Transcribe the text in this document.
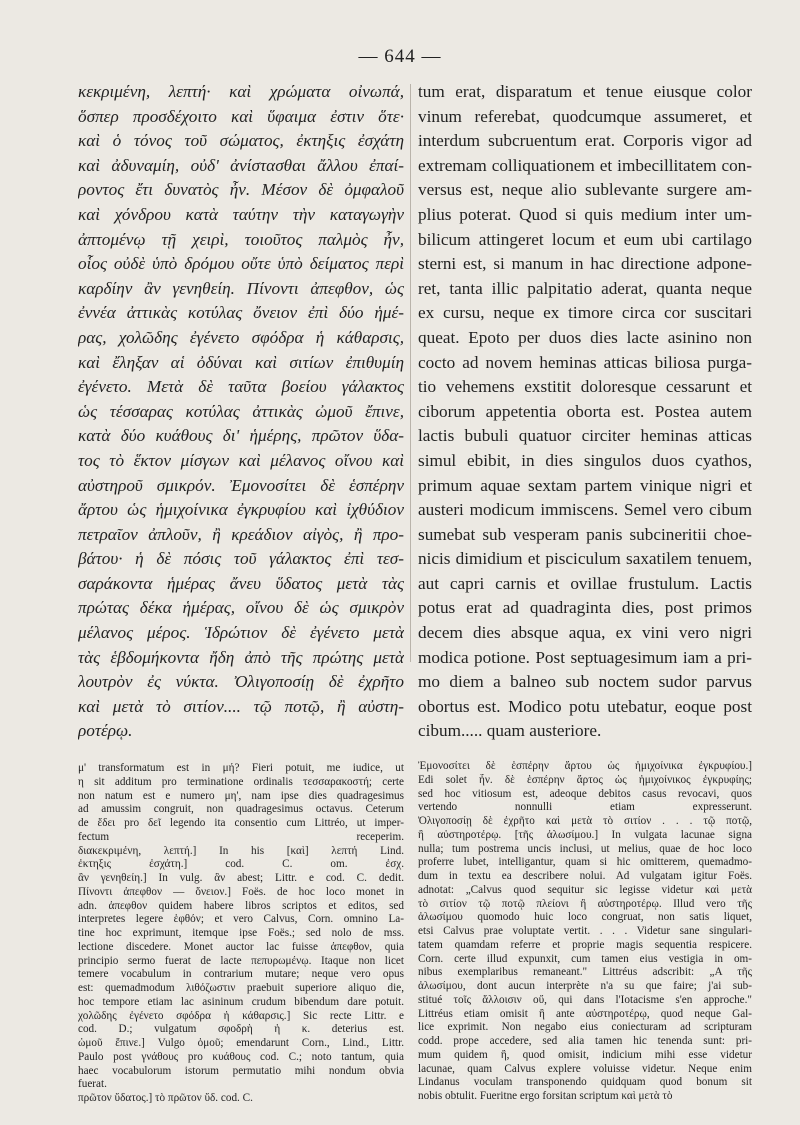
— 644 —
κεκριμένη, λεπτή· καὶ χρώματα οἰνωπά,
ὅσπερ προσδέχοιτο καὶ ὕφαιμα ἐστιν ὅτε·
καὶ ὁ τόνος τοῦ σώματος, ἐκτηξις ἐσχάτη
καὶ ἀδυναμίη, οὐδ' ἀνίστασθαι ἄλλου ἐπαί-
ροντος ἔτι δυνατὸς ἦν. Μέσον δὲ ὀμφαλοῦ
καὶ χόνδρου κατὰ ταύτην τὴν καταγωγὴν
ἀπτομένῳ τῇ χειρὶ, τοιοῦτος παλμὸς ἦν,
οἷος οὐδὲ ὑπὸ δρόμου οὔτε ὑπὸ δείματος περὶ
καρδίην ἂν γενηθείη. Πίνοντι ἀπεφθον, ὡς
ἐννέα ἀττικὰς κοτύλας ὄνειον ἐπὶ δύο ἡμέ-
ρας, χολῶδης ἐγένετο σφόδρα ἡ κάθαρσις,
καὶ ἔληξαν αἱ ὀδύναι καὶ σιτίων ἐπιθυμίη
ἐγένετο. Μετὰ δὲ ταῦτα βοείου γάλακτος
ὡς τέσσαρας κοτύλας ἀττικὰς ὠμοῦ ἔπινε,
κατὰ δύο κυάθους δι' ἡμέρης, πρῶτον ὕδα-
τος τὸ ἕκτον μίσγων καὶ μέλανος οἴνου καὶ
αὐστηροῦ σμικρόν. Ἐμονοσίτει δὲ ἑσπέρην
ἄρτου ὡς ἡμιχοίνικα ἐγκρυφίου καὶ ἰχθύδιον
πετραῖον ἀπλοῦν, ἢ κρεάδιον αἰγὸς, ἢ προ-
βάτου· ἡ δὲ πόσις τοῦ γάλακτος ἐπὶ τεσ-
σαράκοντα ἡμέρας ἄνευ ὕδατος μετὰ τὰς
πρώτας δέκα ἡμέρας, οἴνου δὲ ὡς σμικρὸν
μέλανος μέρος. Ἱδρώτιον δὲ ἐγένετο μετὰ
τὰς ἑβδομήκοντα ἤδη ἀπὸ τῆς πρώτης μετὰ
λουτρὸν ἐς νύκτα. Ὀλιγοποσίῃ δὲ ἐχρῆτο
καὶ μετὰ τὸ σιτίον.... τῷ ποτῷ, ἢ αὐστη-
ροτέρῳ.
μ' transformatum est in μή? Fieri potuit, me iudice, ut
η sit additum pro terminatione ordinalis τεσσαρακοστή; certe
non natum est e numero μη', nam ipse dies quadragesimus
ad amussim congruit, non quadragesimus octavus. Ceterum
de ἕδει pro δεῖ legendo ita consentio cum Littréo, ut imper-
fectum receperim.
διακεκριμένη, λεπτή.] In his [καὶ] λεπτή Lind.
ἐκτηξις ἐσχάτη.] cod. C. om. ἐσχ.
ἂν γενηθείη.] In vulg. ἂν abest; Littr. e cod. C. dedit.
Πίνοντι ἀπεφθον — ὄνειον.] Foës. de hoc loco monet in
adn. ἀπεφθον quidem habere libros scriptos et editos, sed
interpretes legere ἑφθόν; et vero Calvus, Corn. omnino La-
tine hoc exprimunt, itemque ipse Foës.; sed nolo de mss.
lectione discedere. Monet auctor lac fuisse ἀπεφθον, quia
principio sermo fuerat de lacte πεπυρωμένῳ. Itaque non licet
temere vocabulum in contrarium mutare; neque vero opus
est: quemadmodum λιθόζωστιν praebuit superiore aliquo die,
hoc tempore etiam lac asininum crudum bibendum dare potuit.
χολῶδης ἐγένετο σφόδρα ἡ κάθαρσις.] Sic recte Littr. e
cod. D.; vulgatum σφοδρὴ ἡ κ. deterius est.
ὠμοῦ ἔπινε.] Vulgo ὁμοῦ; emendarunt Corn., Lind., Littr.
Paulo post γνάθους pro κυάθους cod. C.; noto tantum, quia
haec vocabulorum istorum permutatio mihi nondum obvia
fuerat.
πρῶτον ὕδατος.] τὸ πρῶτον ὕδ. cod. C.
tum erat, disparatum et tenue eiusque color
vinum referebat, quodcumque assumeret, et
interdum subcruentum erat. Corporis vigor ad
extremam colliquationem et imbecillitatem con-
versus est, neque alio sublevante surgere am-
plius poterat. Quod si quis medium inter um-
bilicum attingeret locum et eum ubi cartilago
sterni est, si manum in hac directione adpone-
ret, tanta illic palpitatio aderat, quanta neque
ex cursu, neque ex timore circa cor suscitari
queat. Epoto per duos dies lacte asinino non
cocto ad novem heminas atticas biliosa purga-
tio vehemens exstitit doloresque cessarunt et
ciborum appetentia oborta est. Postea autem
lactis bubuli quatuor circiter heminas atticas
simul ebibit, in dies singulos duos cyathos,
primum aquae sextam partem vinique nigri et
austeri modicum immiscens. Semel vero cibum
sumebat sub vesperam panis subcineritii choe-
nicis dimidium et pisciculum saxatilem tenuem,
aut capri carnis et ovillae frustulum. Lactis
potus erat ad quadraginta dies, post primos
decem dies absque aqua, ex vini vero nigri
modica potione. Post septuagesimum iam a pri-
mo diem a balneo sub noctem sudor parvus
obortus est. Modico potu utebatur, eoque post
cibum..... quam austeriore.
Ἐμονοσίτει δὲ ἑσπέρην ἄρτου ὡς ἡμιχοίνικα ἐγκρυφίου.]
Edi solet ἦν. δὲ ἑσπέρην ἄρτος ὡς ἡμιχοίνικος ἐγκρυφίης;
sed hoc vitiosum est, adeoque debitos casus revocavi, quos
vertendo nonnulli etiam expresserunt.
Ὀλιγοποσίῃ δὲ ἐχρῆτο καὶ μετὰ τὸ σιτίον . . . τῷ ποτῷ,
ἢ αὐστηροτέρῳ. [τῆς ἀλωσίμου.] In vulgata lacunae signa
nulla; tum postrema uncis inclusi, ut melius, quae de hoc loco
proferre lubet, intelligantur, quam si hic omitterem, quemadmo-
dum in textu ea describere nolui. Ad vulgatam igitur Foës.
adnotat: „Calvus quod sequitur sic legisse videtur καὶ μετὰ
τὸ σιτίον τῷ ποτῷ πλείονι ἢ αὐστηροτέρῳ. Illud vero τῆς
ἀλωσίμου quomodo huic loco congruat, non satis liquet,
etsi Calvus prae voluptate vertit. . . . Videtur sane singulari-
tatem quamdam referre et proprie magis sequentia respicere.
Corn. certe illud expunxit, cum tamen eius vestigia in om-
nibus exemplaribus remaneant." Littréus adscribit: „A τῆς
ἀλωσίμου, dont aucun interprète n'a su que faire; j'ai sub-
stitué τοῖς ἅλλοισιν οὔ, qui dans l'Iotacisme s'en approche."
Littréus etiam omisit ἢ ante αὐστηροτέρῳ, quod neque Gal-
lice exprimit. Non negabo eius coniecturam ad scripturam
codd. prope accedere, sed alia tamen hic tenenda sunt: pri-
mum quidem ἢ, quod omisit, indicium mihi esse videtur
lacunae, quam Calvus explere voluisse videtur. Neque enim
Lindanus voculam transponendo quidquam quod bonum sit
nobis obtulit. Fueritne ergo forsitan scriptum καὶ μετὰ τὸ
